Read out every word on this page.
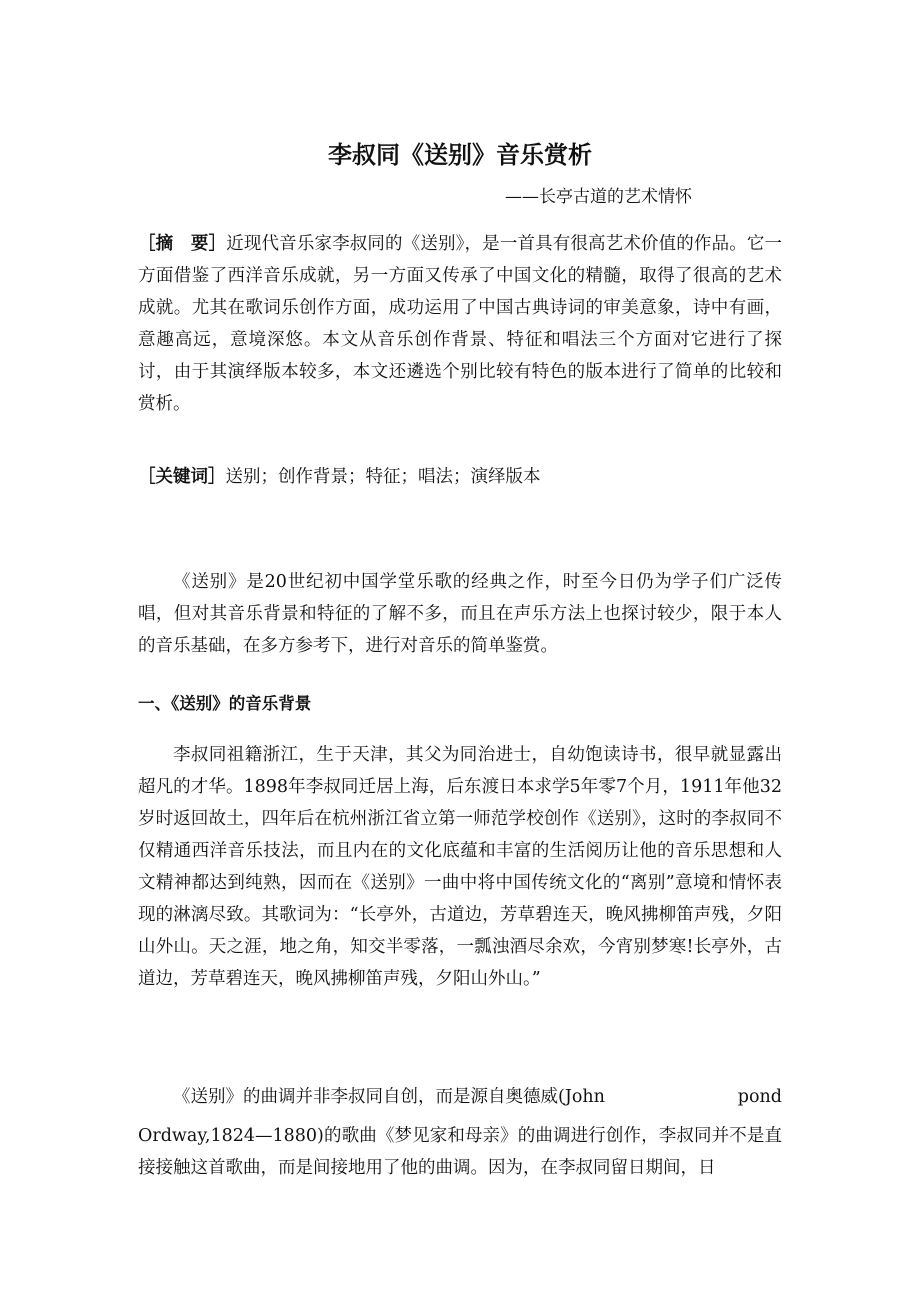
李叔同《送别》音乐赏析

——长亭古道的艺术情怀

［摘　要］近现代音乐家李叔同的《送别》，是一首具有很高艺术价值的作品。它一方面借鉴了西洋音乐成就，另一方面又传承了中国文化的精髓，取得了很高的艺术成就。尤其在歌词乐创作方面，成功运用了中国古典诗词的审美意象，诗中有画，意趣高远，意境深悠。本文从音乐创作背景、特征和唱法三个方面对它进行了探讨，由于其演绎版本较多，本文还遴选个别比较有特色的版本进行了简单的比较和赏析。

［关键词］送别；创作背景；特征；唱法；演绎版本

《送别》是20世纪初中国学堂乐歌的经典之作，时至今日仍为学子们广泛传唱，但对其音乐背景和特征的了解不多，而且在声乐方法上也探讨较少，限于本人的音乐基础，在多方参考下，进行对音乐的简单鉴赏。

一、《送别》的音乐背景

李叔同祖籍浙江，生于天津，其父为同治进士，自幼饱读诗书，很早就显露出超凡的才华。1898年李叔同迁居上海，后东渡日本求学5年零7个月，1911年他32岁时返回故土，四年后在杭州浙江省立第一师范学校创作《送别》，这时的李叔同不仅精通西洋音乐技法，而且内在的文化底蕴和丰富的生活阅历让他的音乐思想和人文精神都达到纯熟，因而在《送别》一曲中将中国传统文化的“离别”意境和情怀表现的淋漓尽致。其歌词为：“长亭外，古道边，芳草碧连天，晚风拂柳笛声残，夕阳山外山。天之涯，地之角，知交半零落，一瓢浊酒尽余欢，今宵别梦寒!长亭外，古道边，芳草碧连天，晚风拂柳笛声残，夕阳山外山。”

《送别》的曲调并非李叔同自创，而是源自奥德威(John	pond

Ordway,1824—1880)的歌曲《梦见家和母亲》的曲调进行创作，李叔同并不是直接接触这首歌曲，而是间接地用了他的曲调。因为，在李叔同留日期间，日
